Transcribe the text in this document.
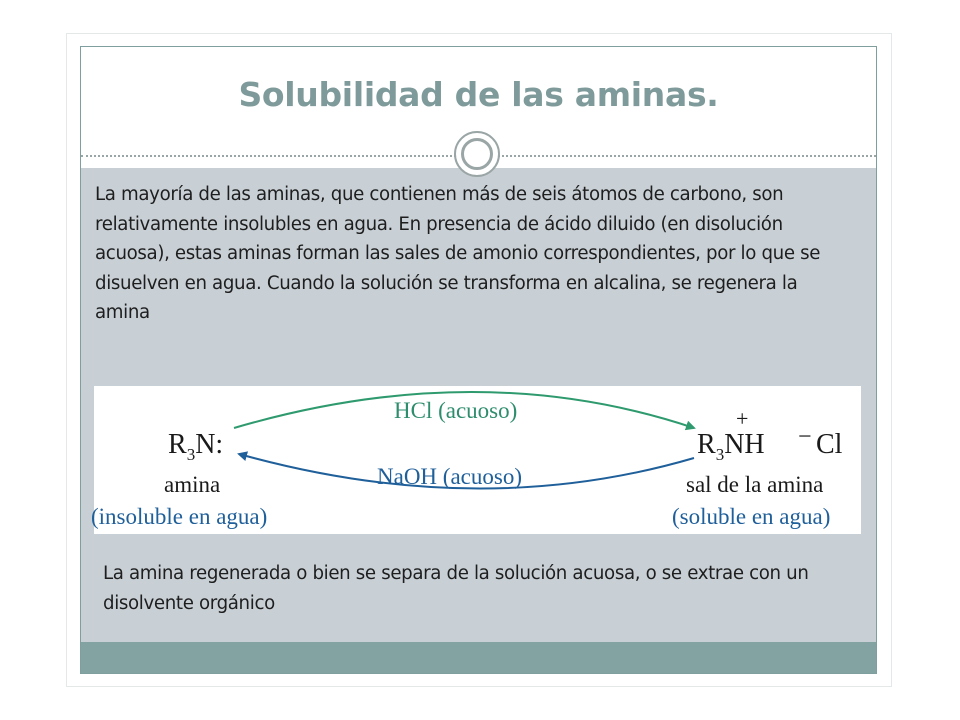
Solubilidad de las aminas.
La mayoría de las aminas, que contienen más de seis átomos de carbono, son relativamente insolubles en agua. En presencia de ácido diluido (en disolución acuosa), estas aminas forman las sales de amonio correspondientes, por lo que se disuelven en agua. Cuando la solución se transforma en alcalina, se regenera la amina
HCl (acuoso)
NaOH (acuoso)
$R_3N$:
amina
(insoluble en agua)
$R_3NH$
+
− Cl
sal de la amina
(soluble en agua)
La amina regenerada o bien se separa de la solución acuosa, o se extrae con un disolvente orgánico
